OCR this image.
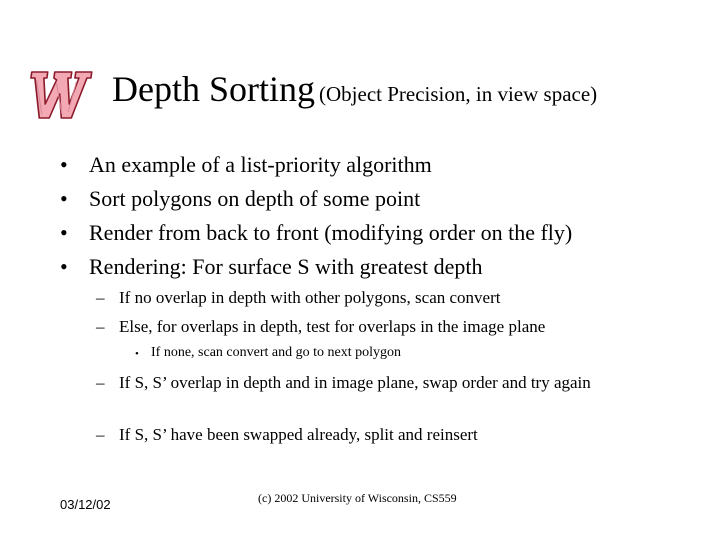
Depth Sorting (Object Precision, in view space)
• An example of a list-priority algorithm
• Sort polygons on depth of some point
• Render from back to front (modifying order on the fly)
• Rendering: For surface S with greatest depth
– If no overlap in depth with other polygons, scan convert
– Else, for overlaps in depth, test for overlaps in the image plane
• If none, scan convert and go to next polygon
– If S, S’ overlap in depth and in image plane, swap order and try again
– If S, S’ have been swapped already, split and reinsert
03/12/02	(c) 2002 University of Wisconsin, CS559
